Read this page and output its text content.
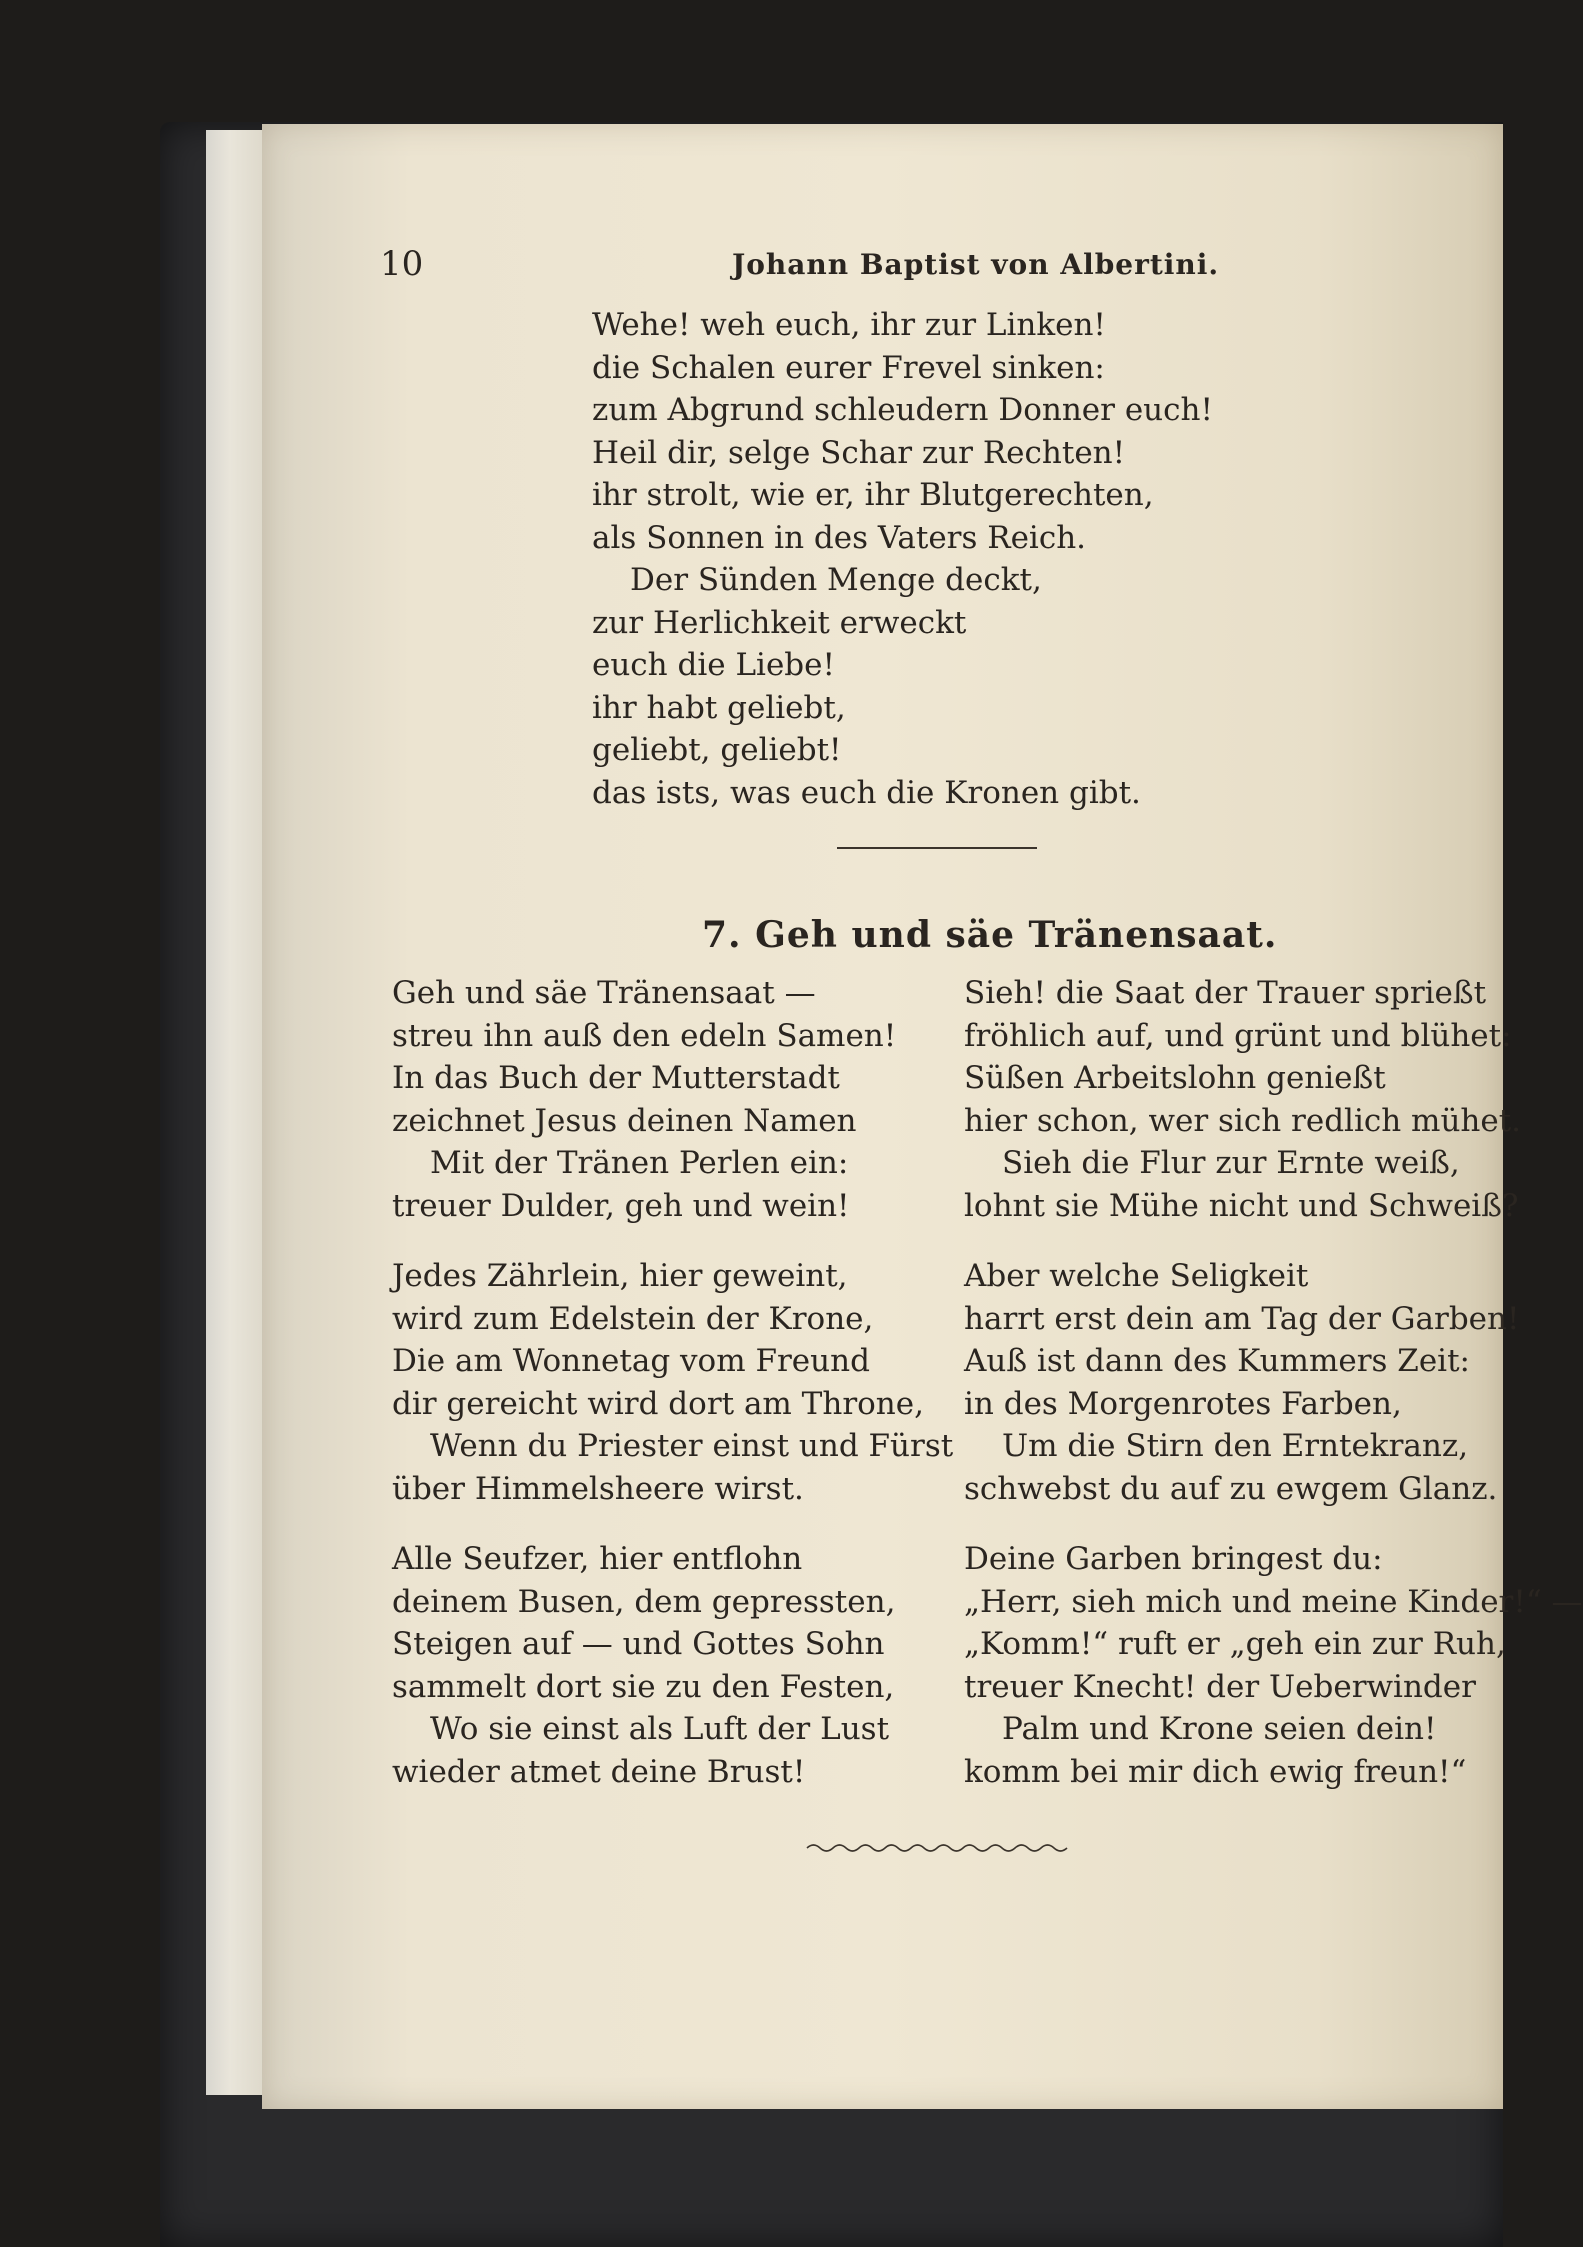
10	Johann Baptist von Albertini.
Wehe! weh euch, ihr zur Linken!
die Schalen eurer Frevel sinken:
zum Abgrund schleudern Donner euch!
Heil dir, selge Schar zur Rechten!
ihr strolt, wie er, ihr Blutgerechten,
als Sonnen in des Vaters Reich.
Der Sünden Menge deckt,
zur Herlichkeit erweckt
euch die Liebe!
ihr habt geliebt,
geliebt, geliebt!
das ists, was euch die Kronen gibt.
7. Geh und säe Tränensaat.
Geh und säe Tränensaat —
streu ihn auß den edeln Samen!
In das Buch der Mutterstadt
zeichnet Jesus deinen Namen
Mit der Tränen Perlen ein:
treuer Dulder, geh und wein!
Jedes Zährlein, hier geweint,
wird zum Edelstein der Krone,
Die am Wonnetag vom Freund
dir gereicht wird dort am Throne,
Wenn du Priester einst und Fürst
über Himmelsheere wirst.
Alle Seufzer, hier entflohn
deinem Busen, dem gepressten,
Steigen auf — und Gottes Sohn
sammelt dort sie zu den Festen,
Wo sie einst als Luft der Lust
wieder atmet deine Brust!
Sieh! die Saat der Trauer sprießt
fröhlich auf, und grünt und blühet:
Süßen Arbeitslohn genießt
hier schon, wer sich redlich mühet.
Sieh die Flur zur Ernte weiß,
lohnt sie Mühe nicht und Schweiß?
Aber welche Seligkeit
harrt erst dein am Tag der Garben!
Auß ist dann des Kummers Zeit:
in des Morgenrotes Farben,
Um die Stirn den Erntekranz,
schwebst du auf zu ewgem Glanz.
Deine Garben bringest du:
„Herr, sieh mich und meine Kinder!“ —
„Komm!“ ruft er „geh ein zur Ruh,
treuer Knecht! der Ueberwinder
Palm und Krone seien dein!
komm bei mir dich ewig freun!“
